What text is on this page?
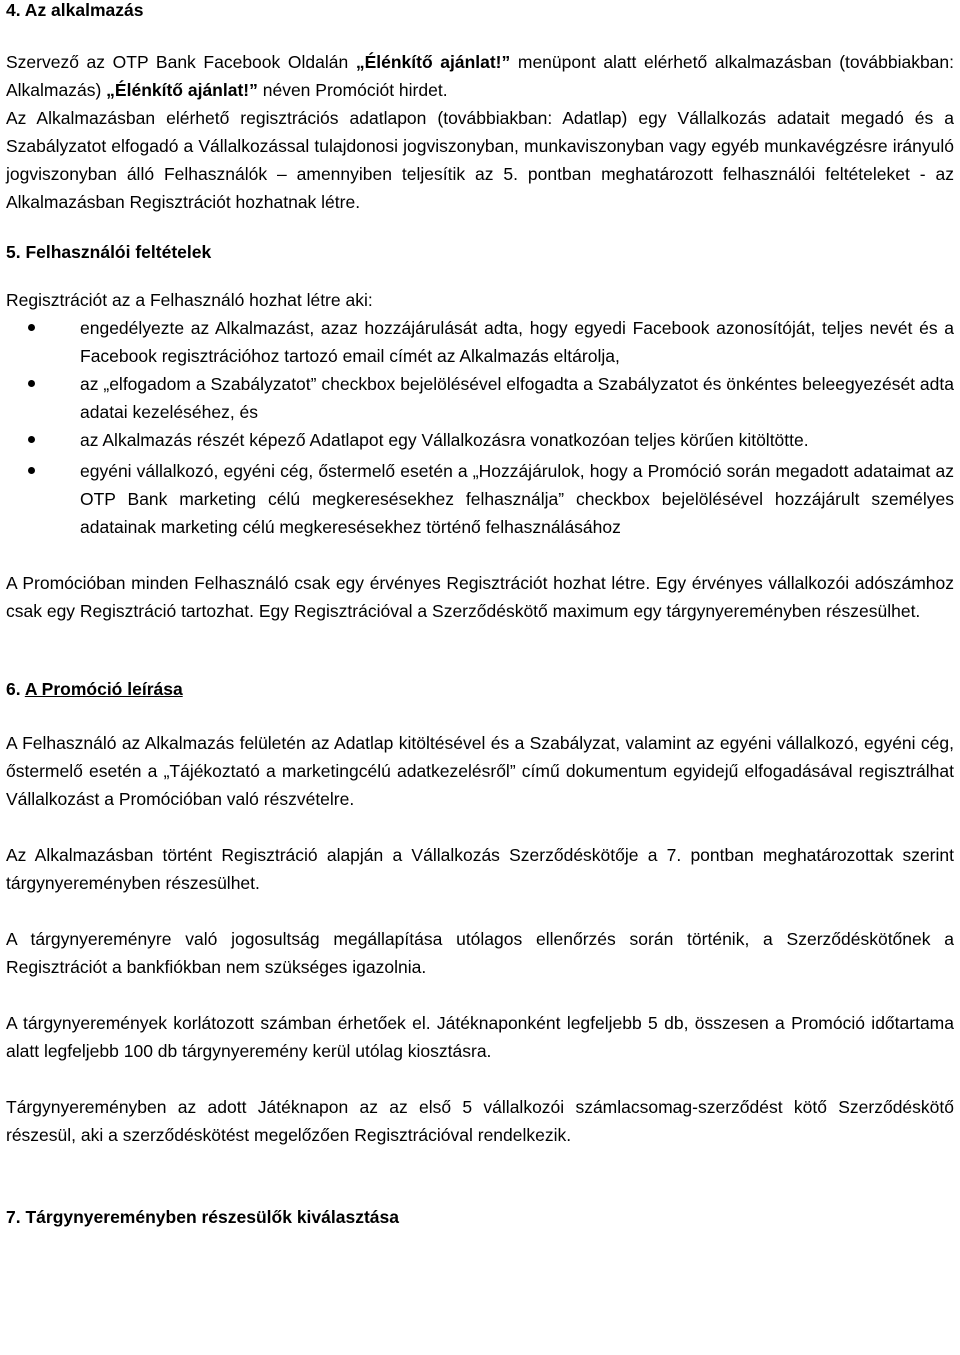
4. Az alkalmazás

Szervező az OTP Bank Facebook Oldalán „Élénkítő ajánlat!” menüpont alatt elérhető alkalmazásban (továbbiakban: Alkalmazás) „Élénkítő ajánlat!” néven Promóciót hirdet.

Az Alkalmazásban elérhető regisztrációs adatlapon (továbbiakban: Adatlap) egy Vállalkozás adatait megadó és a Szabályzatot elfogadó a Vállalkozással tulajdonosi jogviszonyban, munkaviszonyban vagy egyéb munkavégzésre irányuló jogviszonyban álló Felhasználók – amennyiben teljesítik az 5. pontban meghatározott felhasználói feltételeket - az Alkalmazásban Regisztrációt hozhatnak létre.

5. Felhasználói feltételek

Regisztrációt az a Felhasználó hozhat létre aki:

engedélyezte az Alkalmazást, azaz hozzájárulását adta, hogy egyedi Facebook azonosítóját, teljes nevét és a Facebook regisztrációhoz tartozó email címét az Alkalmazás eltárolja,
az „elfogadom a Szabályzatot” checkbox bejelölésével elfogadta a Szabályzatot és önkéntes beleegyezését adta adatai kezeléséhez, és
az Alkalmazás részét képező Adatlapot egy Vállalkozásra vonatkozóan teljes körűen kitöltötte.
egyéni vállalkozó, egyéni cég, őstermelő esetén a „Hozzájárulok, hogy a Promóció során megadott adataimat az OTP Bank marketing célú megkeresésekhez felhasználja” checkbox bejelölésével hozzájárult személyes adatainak marketing célú megkeresésekhez történő felhasználásához

A Promócióban minden Felhasználó csak egy érvényes Regisztrációt hozhat létre. Egy érvényes vállalkozói adószámhoz csak egy Regisztráció tartozhat. Egy Regisztrációval a Szerződéskötő maximum egy tárgynyereményben részesülhet.

6. A Promóció leírása

A Felhasználó az Alkalmazás felületén az Adatlap kitöltésével és a Szabályzat, valamint az egyéni vállalkozó, egyéni cég, őstermelő esetén a „Tájékoztató a marketingcélú adatkezelésről” című dokumentum egyidejű elfogadásával regisztrálhat Vállalkozást a Promócióban való részvételre.

Az Alkalmazásban történt Regisztráció alapján a Vállalkozás Szerződéskötője a 7. pontban meghatározottak szerint tárgynyereményben részesülhet.

A tárgynyereményre való jogosultság megállapítása utólagos ellenőrzés során történik, a Szerződéskötőnek a Regisztrációt a bankfiókban nem szükséges igazolnia.

A tárgynyeremények korlátozott számban érhetőek el. Játéknaponként legfeljebb 5 db, összesen a Promóció időtartama alatt legfeljebb 100 db tárgynyeremény kerül utólag kiosztásra.

Tárgynyereményben az adott Játéknapon az az első 5 vállalkozói számlacsomag-szerződést kötő Szerződéskötő részesül, aki a szerződéskötést megelőzően Regisztrációval rendelkezik.

7. Tárgynyereményben részesülők kiválasztása
